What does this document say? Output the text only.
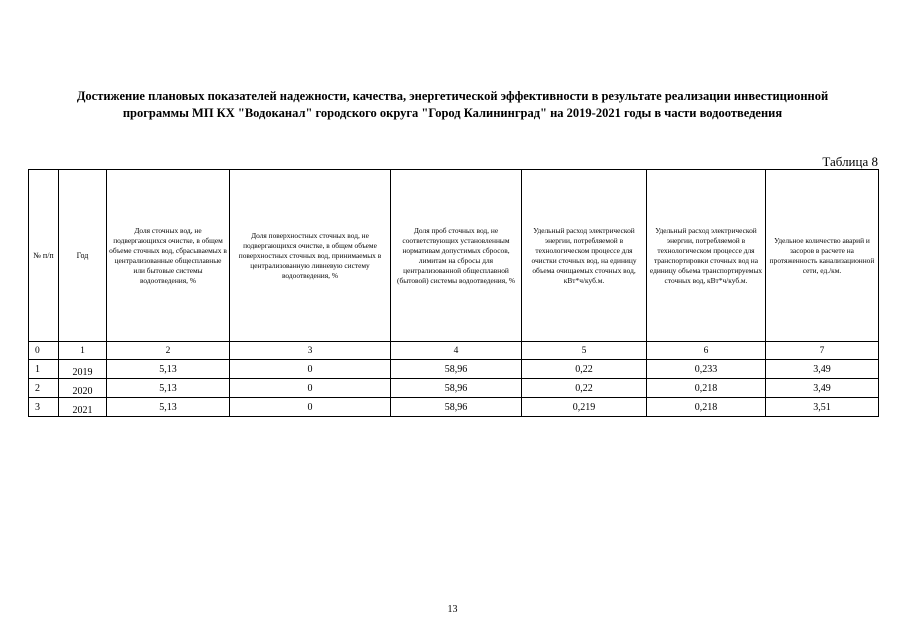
Достижение плановых показателей надежности, качества, энергетической эффективности в результате реализации инвестиционной
программы МП КХ "Водоканал" городского округа "Город Калининград" на 2019-2021 годы в части водоотведения
Таблица 8
№ п/п	Год	Доля сточных вод, не подвергающихся очистке, в общем объеме сточных вод, сбрасываемых в централизованные общесплавные или бытовые системы водоотведения, %	Доля поверхностных сточных вод, не подвергающихся очистке, в общем объеме поверхностных сточных вод, принимаемых в централизованную ливневую систему водоотведения, %	Доля проб сточных вод, не соответствующих установленным нормативам допустимых сбросов, лимитам на сбросы для централизованной общесплавной (бытовой) системы водоотведения, %	Удельный расход электрической энергии, потребляемой в технологическом процессе для очистки сточных вод, на единицу объема очищаемых сточных вод, кВт*ч/куб.м.	Удельный расход электрической энергии, потребляемой в технологическом процессе для транспортировки сточных вод на единицу объема транспортируемых сточных вод, кВт*ч/куб.м.	Удельное количество аварий и засоров в расчете на протяженность канализационной сети, ед./км.
0	1	2	3	4	5	6	7
1	2019	5,13	0	58,96	0,22	0,233	3,49
2	2020	5,13	0	58,96	0,22	0,218	3,49
3	2021	5,13	0	58,96	0,219	0,218	3,51
13
